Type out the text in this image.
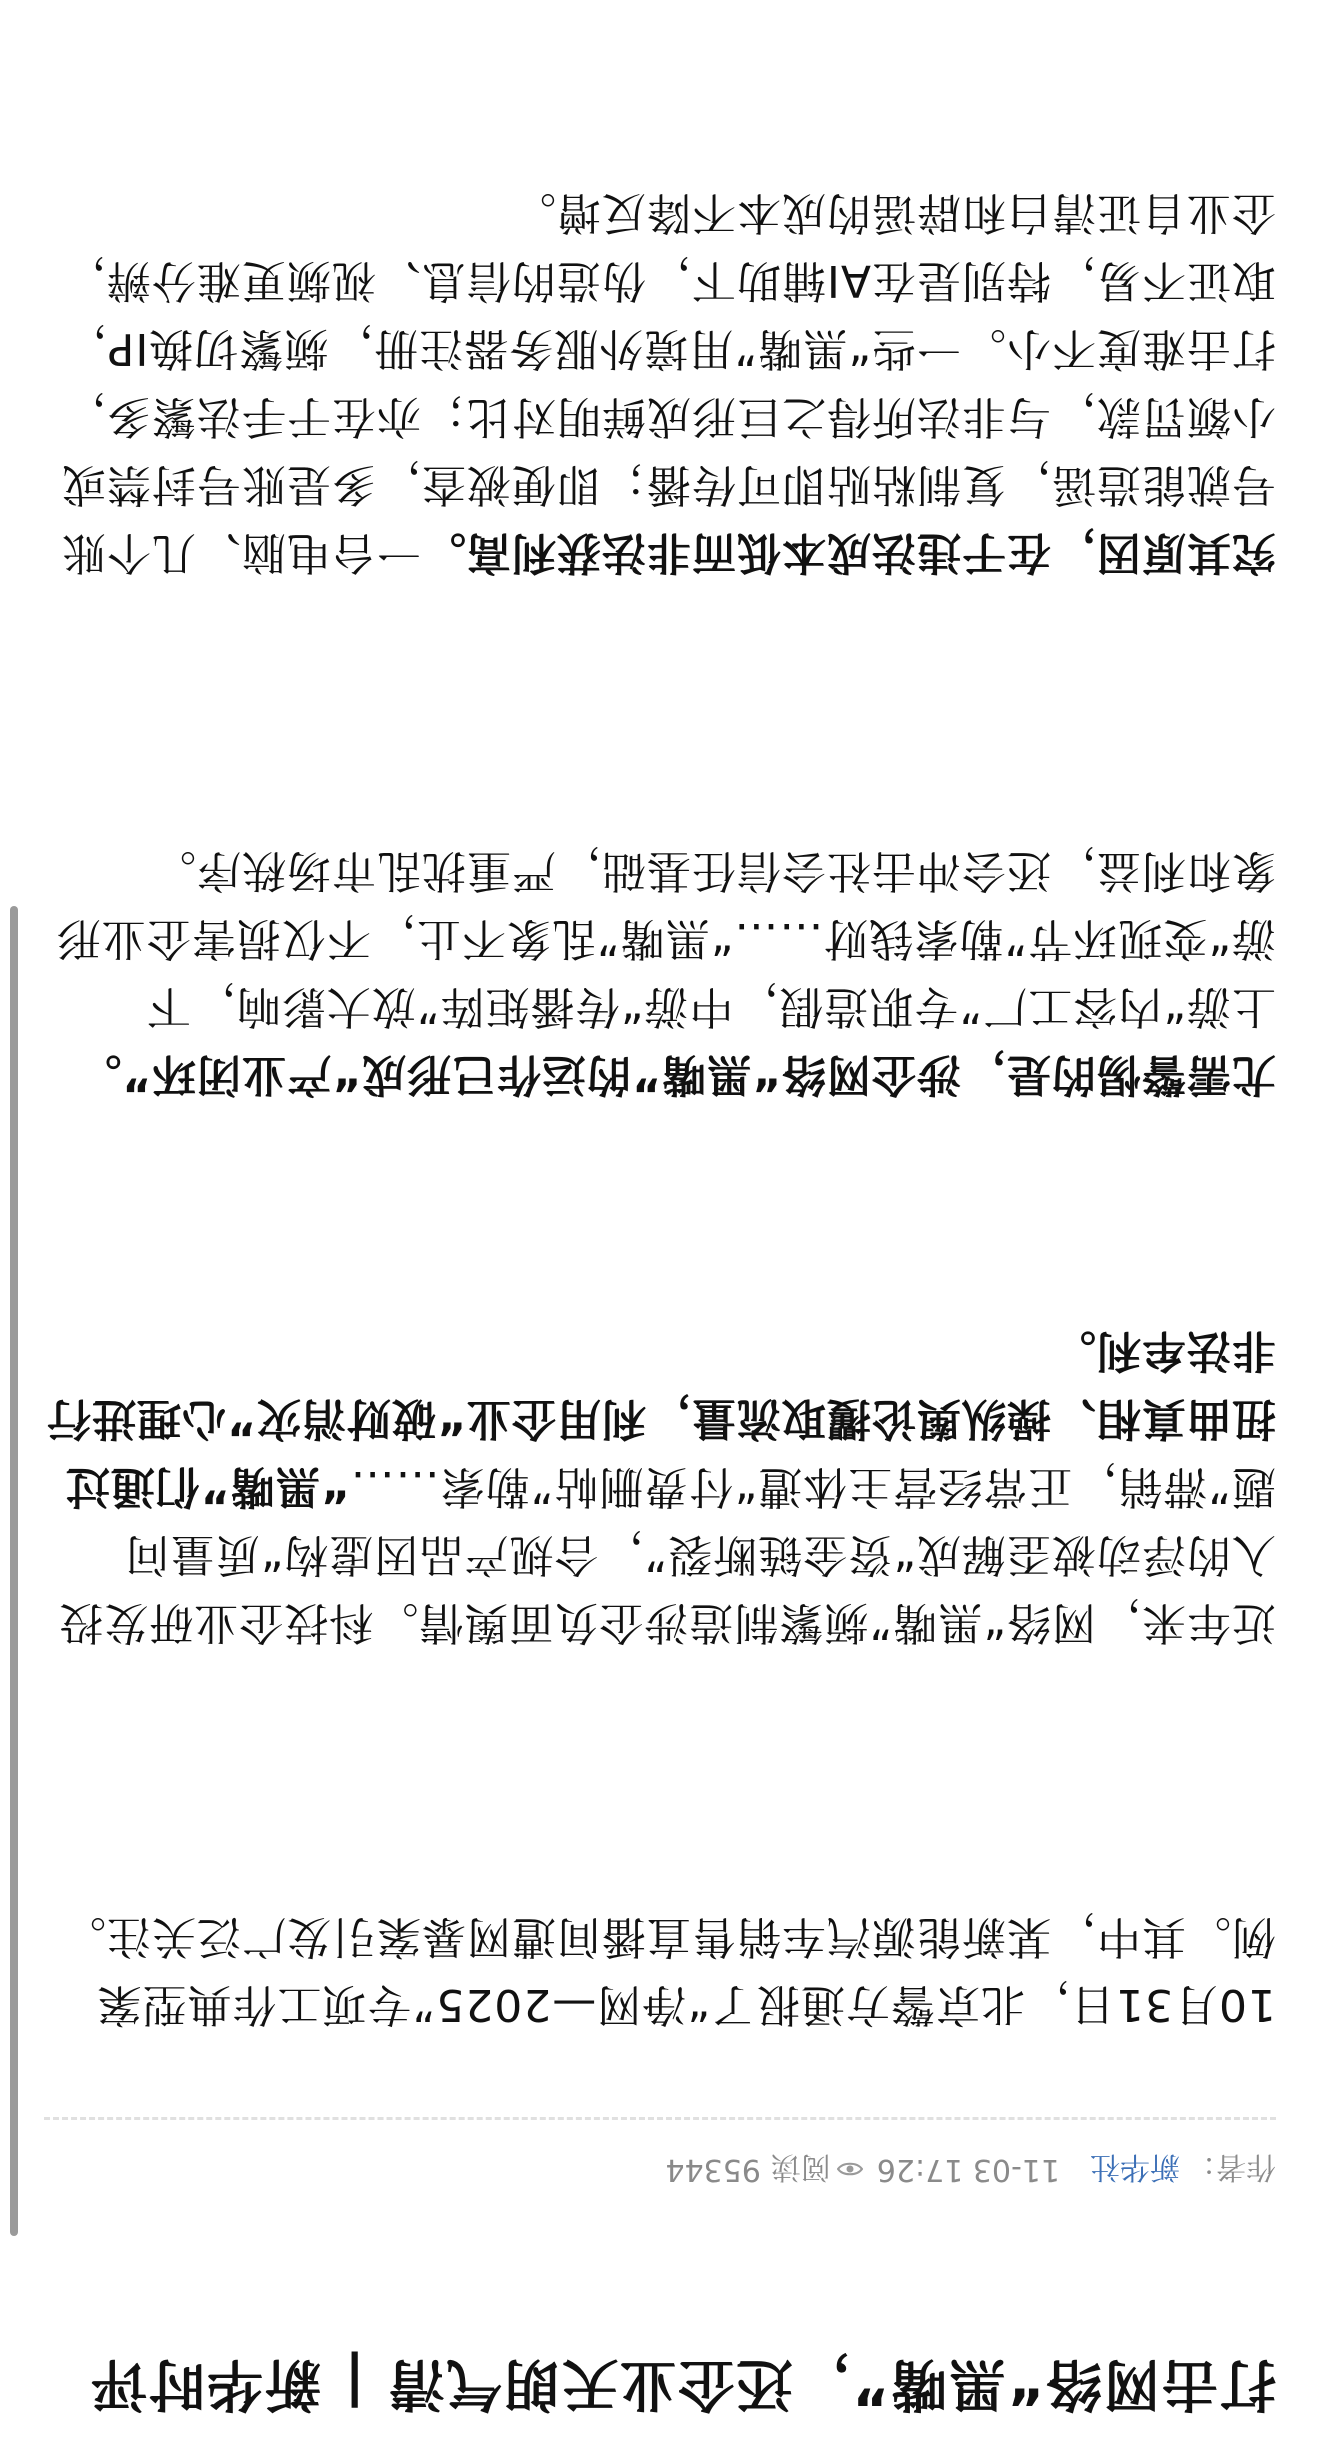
打击网络“黑嘴”，还企业天朗气清 | 新华时评
作者：
新华社
11-03 17:26
阅读
95344

10月31日，北京警方通报了“净网—2025”专项工作典型案例。其中，某新能源汽车销售直播间遭网暴案引发广泛关注。

近年来，网络“黑嘴”频繁制造涉企负面舆情。科技企业研发投入的浮动被歪解成“资金链断裂”，合规产品因虚构“质量问题”滞销，正常经营主体遭“付费删帖”勒索……“黑嘴”们通过扭曲真相、操纵舆论攫取流量，利用企业“破财消灾”心理进行非法牟利。

尤需警惕的是，涉企网络“黑嘴”的运作已形成“产业闭环”。上游“内容工厂”专职造假，中游“传播矩阵”放大影响，下游“变现环节”勒索钱财……“黑嘴”乱象不止，不仅损害企业形象和利益，还会冲击社会信任基础，严重扰乱市场秩序。

究其原因，在于违法成本低而非法获利高。一台电脑、几个账号就能造谣，复制粘贴即可传播；即便被查，多是账号封禁或小额罚款，与非法所得之巨形成鲜明对比；亦在于手法繁多，打击难度不小。一些“黑嘴”用境外服务器注册，频繁切换IP，取证不易，特别是在AI辅助下，伪造的信息、视频更难分辨，企业自证清白和辟谣的成本不降反增。
